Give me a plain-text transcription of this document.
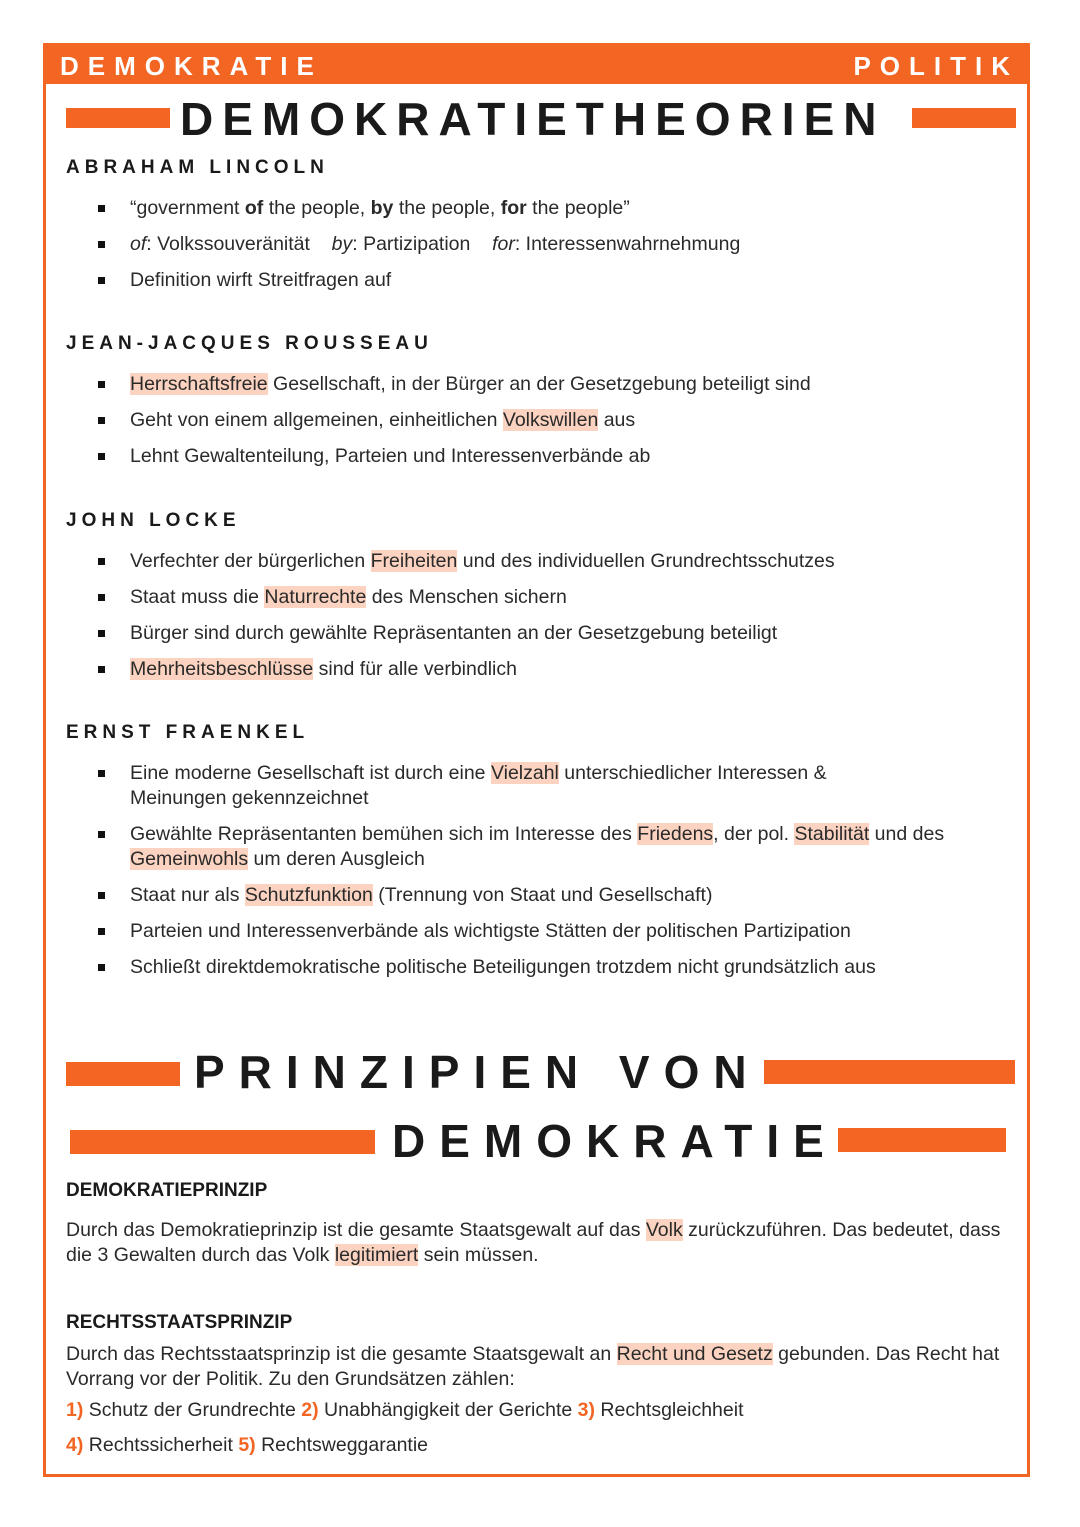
DEMOKRATIE	POLITIK
DEMOKRATIETHEORIEN
ABRAHAM LINCOLN
“government of the people, by the people, for the people”
of: Volkssouveränität by: Partizipation for: Interessenwahrnehmung
Definition wirft Streitfragen auf
JEAN-JACQUES ROUSSEAU
Herrschaftsfreie Gesellschaft, in der Bürger an der Gesetzgebung beteiligt sind
Geht von einem allgemeinen, einheitlichen Volkswillen aus
Lehnt Gewaltenteilung, Parteien und Interessenverbände ab
JOHN LOCKE
Verfechter der bürgerlichen Freiheiten und des individuellen Grundrechtsschutzes
Staat muss die Naturrechte des Menschen sichern
Bürger sind durch gewählte Repräsentanten an der Gesetzgebung beteiligt
Mehrheitsbeschlüsse sind für alle verbindlich
ERNST FRAENKEL
Eine moderne Gesellschaft ist durch eine Vielzahl unterschiedlicher Interessen & Meinungen gekennzeichnet
Gewählte Repräsentanten bemühen sich im Interesse des Friedens, der pol. Stabilität und des Gemeinwohls um deren Ausgleich
Staat nur als Schutzfunktion (Trennung von Staat und Gesellschaft)
Parteien und Interessenverbände als wichtigste Stätten der politischen Partizipation
Schließt direktdemokratische politische Beteiligungen trotzdem nicht grundsätzlich aus
PRINZIPIEN VON
DEMOKRATIE
DEMOKRATIEPRINZIP
Durch das Demokratieprinzip ist die gesamte Staatsgewalt auf das Volk zurückzuführen. Das bedeutet, dass die 3 Gewalten durch das Volk legitimiert sein müssen.
RECHTSSTAATSPRINZIP
Durch das Rechtsstaatsprinzip ist die gesamte Staatsgewalt an Recht und Gesetz gebunden. Das Recht hat Vorrang vor der Politik. Zu den Grundsätzen zählen:
1) Schutz der Grundrechte 2) Unabhängigkeit der Gerichte 3) Rechtsgleichheit
4) Rechtssicherheit 5) Rechtsweggarantie
